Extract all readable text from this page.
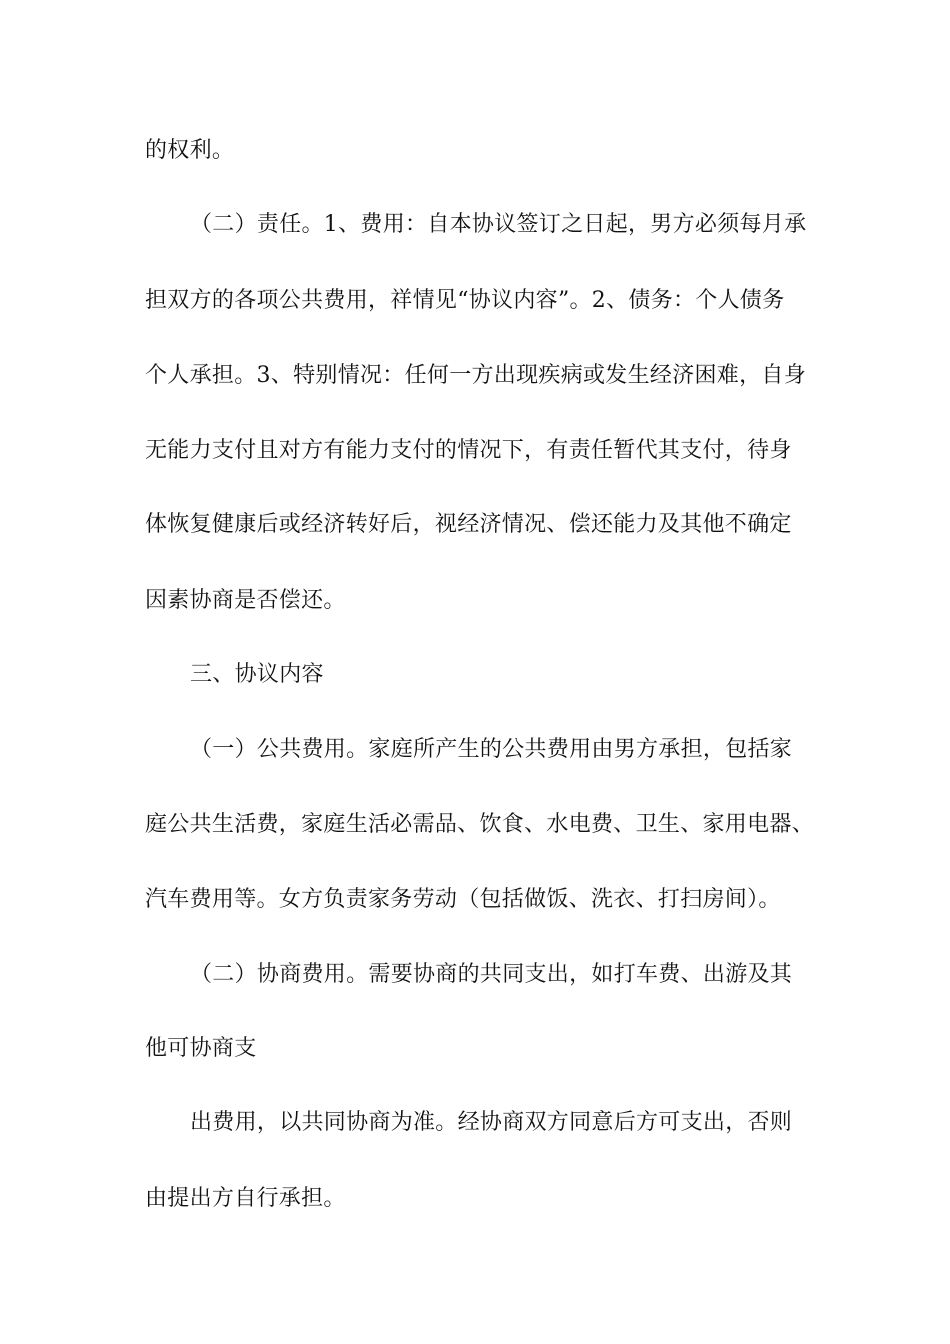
的权利。
（二）责任。1、费用：自本协议签订之日起，男方必须每月承
担双方的各项公共费用，祥情见“协议内容”。2、债务：个人债务
个人承担。3、特别情况：任何一方出现疾病或发生经济困难，自身
无能力支付且对方有能力支付的情况下，有责任暂代其支付，待身
体恢复健康后或经济转好后，视经济情况、偿还能力及其他不确定
因素协商是否偿还。
三、协议内容
（一）公共费用。家庭所产生的公共费用由男方承担，包括家
庭公共生活费，家庭生活必需品、饮食、水电费、卫生、家用电器、
汽车费用等。女方负责家务劳动（包括做饭、洗衣、打扫房间）。
（二）协商费用。需要协商的共同支出，如打车费、出游及其
他可协商支
出费用，以共同协商为准。经协商双方同意后方可支出，否则
由提出方自行承担。
